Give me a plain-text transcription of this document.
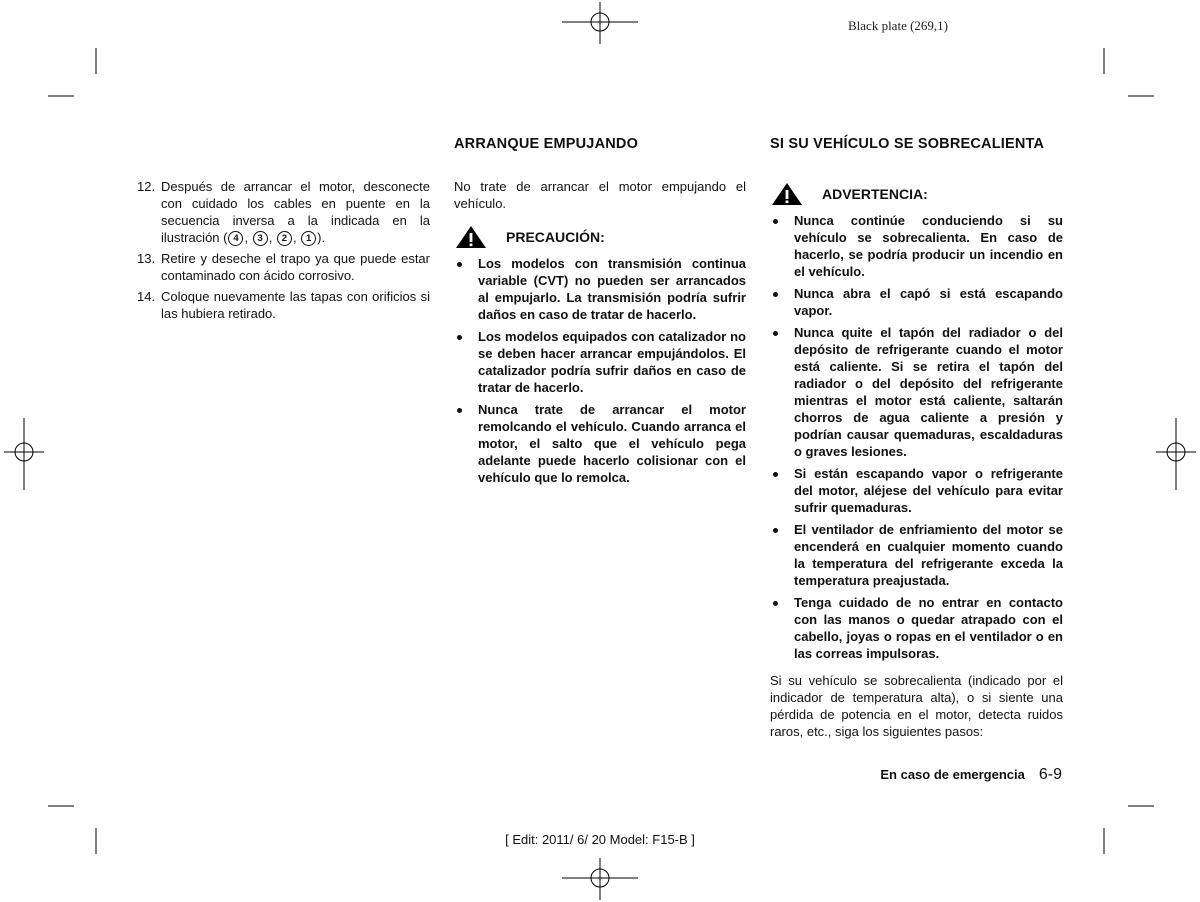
Black plate (269,1)
12. Después de arrancar el motor, desconecte con cuidado los cables en puente en la secuencia inversa a la indicada en la ilustración ( 4 , 3 , 2 , 1 ).
13. Retire y deseche el trapo ya que puede estar contaminado con ácido corrosivo.
14. Coloque nuevamente las tapas con orificios si las hubiera retirado.
ARRANQUE EMPUJANDO
No trate de arrancar el motor empujando el vehículo.
PRECAUCIÓN:
Los modelos con transmisión continua variable (CVT) no pueden ser arrancados al empujarlo. La transmisión podría sufrir daños en caso de tratar de hacerlo.
Los modelos equipados con catalizador no se deben hacer arrancar empujándolos. El catalizador podría sufrir daños en caso de tratar de hacerlo.
Nunca trate de arrancar el motor remolcando el vehículo. Cuando arranca el motor, el salto que el vehículo pega adelante puede hacerlo colisionar con el vehículo que lo remolca.
SI SU VEHÍCULO SE SOBRECALIENTA
ADVERTENCIA:
Nunca continúe conduciendo si su vehículo se sobrecalienta. En caso de hacerlo, se podría producir un incendio en el vehículo.
Nunca abra el capó si está escapando vapor.
Nunca quite el tapón del radiador o del depósito de refrigerante cuando el motor está caliente. Si se retira el tapón del radiador o del depósito del refrigerante mientras el motor está caliente, saltarán chorros de agua caliente a presión y podrían causar quemaduras, escaldaduras o graves lesiones.
Si están escapando vapor o refrigerante del motor, aléjese del vehículo para evitar sufrir quemaduras.
El ventilador de enfriamiento del motor se encenderá en cualquier momento cuando la temperatura del refrigerante exceda la temperatura preajustada.
Tenga cuidado de no entrar en contacto con las manos o quedar atrapado con el cabello, joyas o ropas en el ventilador o en las correas impulsoras.
Si su vehículo se sobrecalienta (indicado por el indicador de temperatura alta), o si siente una pérdida de potencia en el motor, detecta ruidos raros, etc., siga los siguientes pasos:
En caso de emergencia 6-9
[ Edit: 2011/ 6/ 20 Model: F15-B ]
